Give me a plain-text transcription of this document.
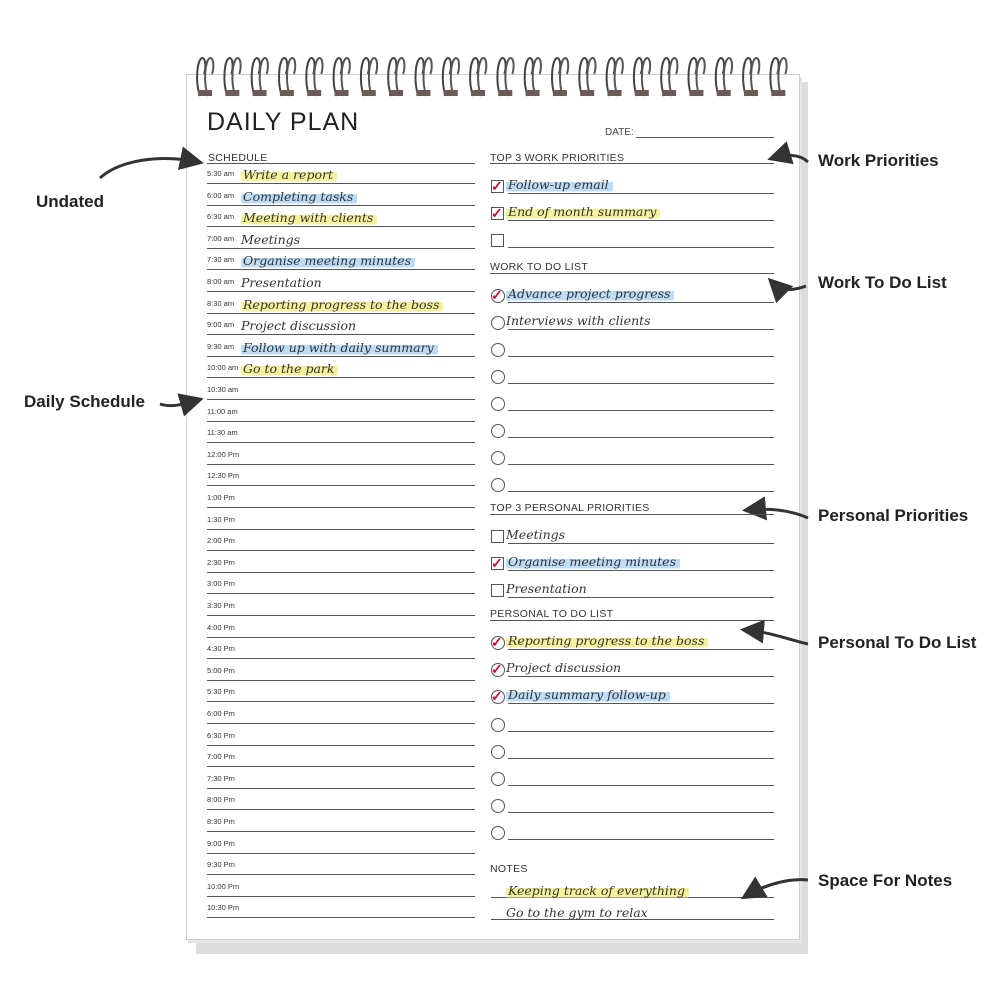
DAILY PLAN	DATE:
SCHEDULE
5:30 am Write a report
6:00 am Completing tasks
6:30 am Meeting with clients
7:00 am Meetings
7:30 am Organise meeting minutes
8:00 am Presentation
8:30 am Reporting progress to the boss
9:00 am Project discussion
9:30 am Follow up with daily summary
10:00 am Go to the park
10:30 am
11:00 am
11:30 am
12:00 Pm
12:30 Pm
1:00 Pm
1:30 Pm
2:00 Pm
2:30 Pm
3:00 Pm
3:30 Pm
4:00 Pm
4:30 Pm
5:00 Pm
5:30 Pm
6:00 Pm
6:30 Pm
7:00 Pm
7:30 Pm
8:00 Pm
8:30 Pm
9:00 Pm
9:30 Pm
10:00 Pm
10:30 Pm
TOP 3 WORK PRIORITIES
✓ Follow-up email
✓ End of month summary
WORK TO DO LIST
✓ Advance project progress
Interviews with clients
TOP 3 PERSONAL PRIORITIES
Meetings
✓ Organise meeting minutes
Presentation
PERSONAL TO DO LIST
✓ Reporting progress to the boss
✓ Project discussion
✓ Daily summary follow-up
NOTES
Keeping track of everything
Go to the gym to relax
Undated
Daily Schedule
Work Priorities
Work To Do List
Personal Priorities
Personal To Do List
Space For Notes
